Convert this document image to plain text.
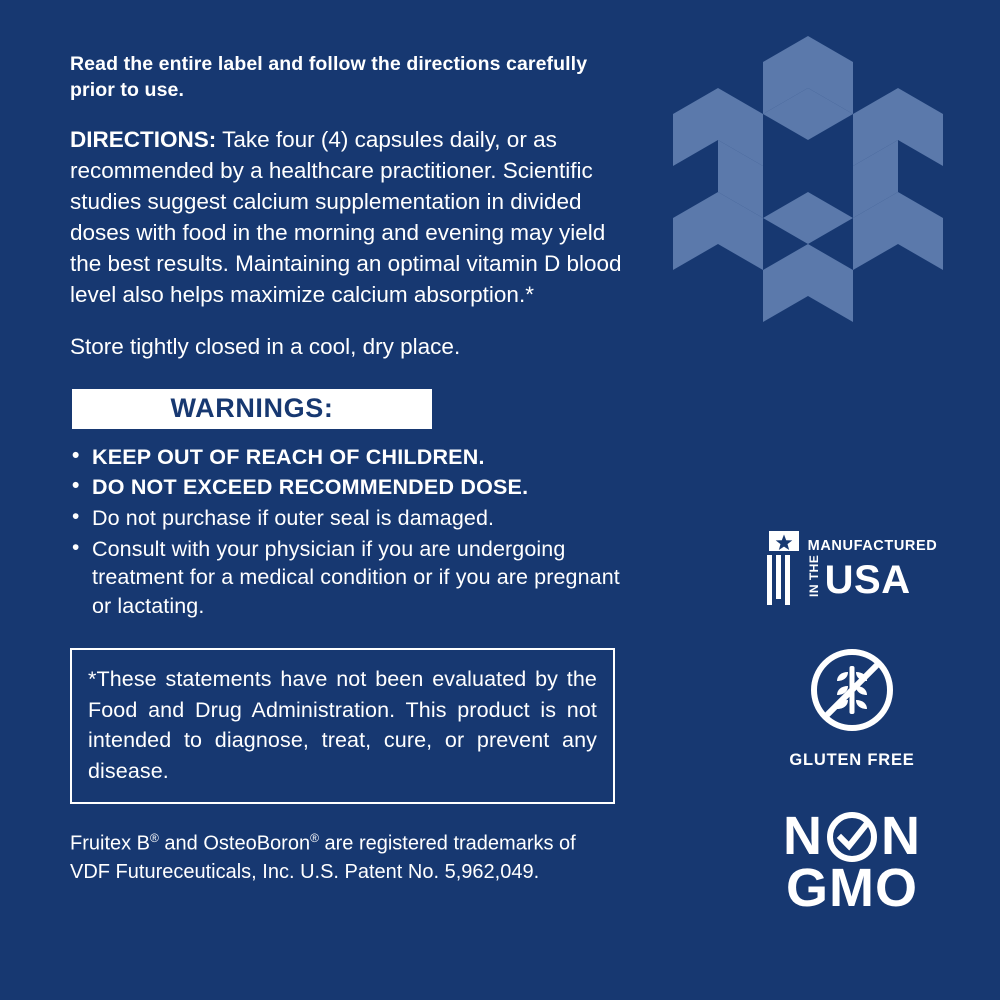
Read the entire label and follow the directions carefully prior to use.

DIRECTIONS: Take four (4) capsules daily, or as recommended by a healthcare practitioner. Scientific studies suggest calcium supplementation in divided doses with food in the morning and evening may yield the best results. Maintaining an optimal vitamin D blood level also helps maximize calcium absorption.*

Store tightly closed in a cool, dry place.

WARNINGS:
• KEEP OUT OF REACH OF CHILDREN.
• DO NOT EXCEED RECOMMENDED DOSE.
• Do not purchase if outer seal is damaged.
• Consult with your physician if you are undergoing treatment for a medical condition or if you are pregnant or lactating.

*These statements have not been evaluated by the Food and Drug Administration. This product is not intended to diagnose, treat, cure, or prevent any disease.

Fruitex B® and OsteoBoron® are registered trademarks of VDF Futureceuticals, Inc. U.S. Patent No. 5,962,049.

MANUFACTURED
IN THE USA
GLUTEN FREE
N N
GMO
